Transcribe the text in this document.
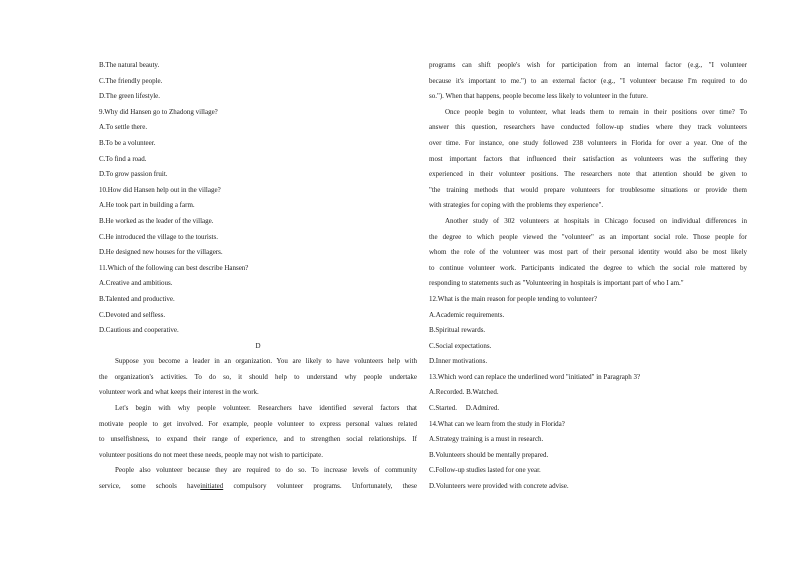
B.The natural beauty.
C.The friendly people.
D.The green lifestyle.
9.Why did Hansen go to Zhadong village?
A.To settle there.
B.To be a volunteer.
C.To find a road.
D.To grow passion fruit.
10.How did Hansen help out in the village?
A.He took part in building a farm.
B.He worked as the leader of the village.
C.He introduced the village to the tourists.
D.He designed new houses for the villagers.
11.Which of the following can best describe Hansen?
A.Creative and ambitious.
B.Talented and productive.
C.Devoted and selfless.
D.Cautious and cooperative.
D
Suppose you become a leader in an organization. You are likely to have volunteers help with
the organization's activities. To do so, it should help to understand why people undertake
volunteer work and what keeps their interest in the work.
Let's begin with why people volunteer. Researchers have identified several factors that
motivate people to get involved. For example, people volunteer to express personal values related
to unselfishness, to expand their range of experience, and to strengthen social relationships. If
volunteer positions do not meet these needs, people may not wish to participate.
People also volunteer because they are required to do so. To increase levels of community
service, some schools haveinitiated compulsory volunteer programs. Unfortunately, these
programs can shift people's wish for participation from an internal factor (e.g., "I volunteer
because it's important to me.") to an external factor (e.g., "I volunteer because I'm required to do
so."). When that happens, people become less likely to volunteer in the future.
Once people begin to volunteer, what leads them to remain in their positions over time? To
answer this question, researchers have conducted follow-up studies where they track volunteers
over time. For instance, one study followed 238 volunteers in Florida for over a year. One of the
most important factors that influenced their satisfaction as volunteers was the suffering they
experienced in their volunteer positions. The researchers note that attention should be given to
"the training methods that would prepare volunteers for troublesome situations or provide them
with strategies for coping with the problems they experience".
Another study of 302 volunteers at hospitals in Chicago focused on individual differences in
the degree to which people viewed the "volunteer" as an important social role. Those people for
whom the role of the volunteer was most part of their personal identity would also be most likely
to continue volunteer work. Participants indicated the degree to which the social role mattered by
responding to statements such as "Volunteering in hospitals is important part of who I am."
12.What is the main reason for people tending to volunteer?
A.Academic requirements.
B.Spiritual rewards.
C.Social expectations.
D.Inner motivations.
13.Which word can replace the underlined word "initiated" in Paragraph 3?
A.Recorded. B.Watched.
C.Started.     D.Admired.
14.What can we learn from the study in Florida?
A.Strategy training is a must in research.
B.Volunteers should be mentally prepared.
C.Follow-up studies lasted for one year.
D.Volunteers were provided with concrete advise.
